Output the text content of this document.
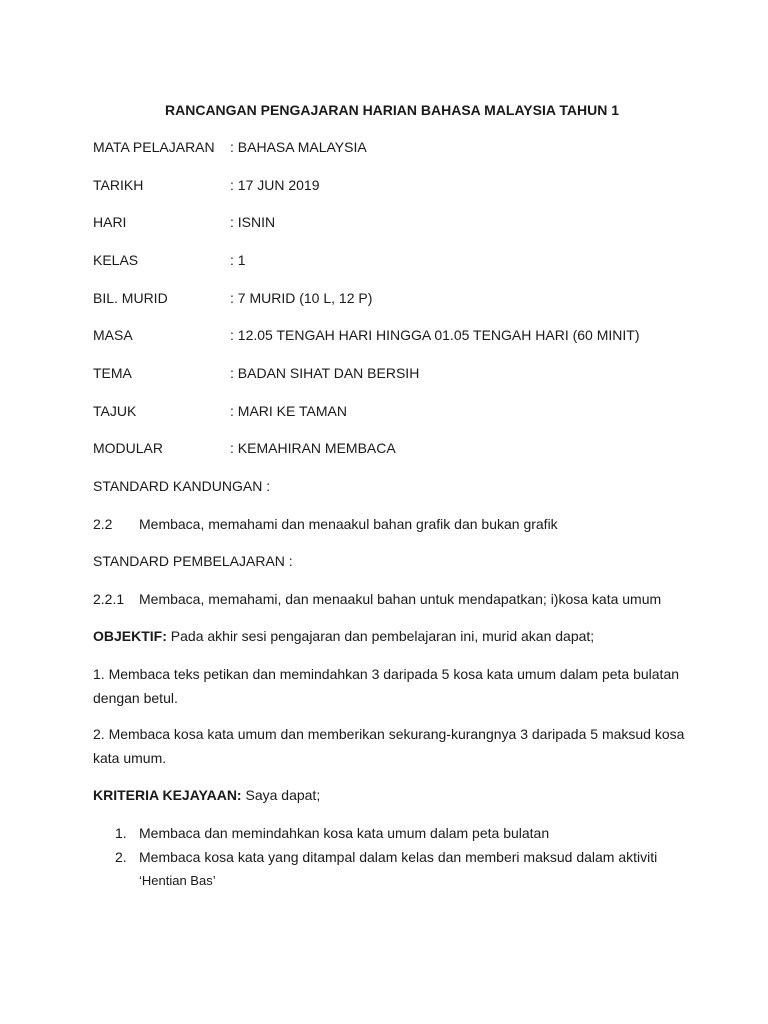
RANCANGAN PENGAJARAN HARIAN BAHASA MALAYSIA TAHUN 1
MATA PELAJARAN : BAHASA MALAYSIA
TARIKH	: 17 JUN 2019
HARI	: ISNIN
KELAS	: 1
BIL. MURID	: 7 MURID (10 L, 12 P)
MASA	: 12.05 TENGAH HARI HINGGA 01.05 TENGAH HARI (60 MINIT)
TEMA	: BADAN SIHAT DAN BERSIH
TAJUK	: MARI KE TAMAN
MODULAR	: KEMAHIRAN MEMBACA
STANDARD KANDUNGAN :
2.2 Membaca, memahami dan menaakul bahan grafik dan bukan grafik
STANDARD PEMBELAJARAN :
2.2.1 Membaca, memahami, dan menaakul bahan untuk mendapatkan; i)kosa kata umum
OBJEKTIF: Pada akhir sesi pengajaran dan pembelajaran ini, murid akan dapat;
1. Membaca teks petikan dan memindahkan 3 daripada 5 kosa kata umum dalam peta bulatan dengan betul.
2. Membaca kosa kata umum dan memberikan sekurang-kurangnya 3 daripada 5 maksud kosa kata umum.
KRITERIA KEJAYAAN: Saya dapat;
1. Membaca dan memindahkan kosa kata umum dalam peta bulatan
2. Membaca kosa kata yang ditampal dalam kelas dan memberi maksud dalam aktiviti
‘Hentian Bas’
